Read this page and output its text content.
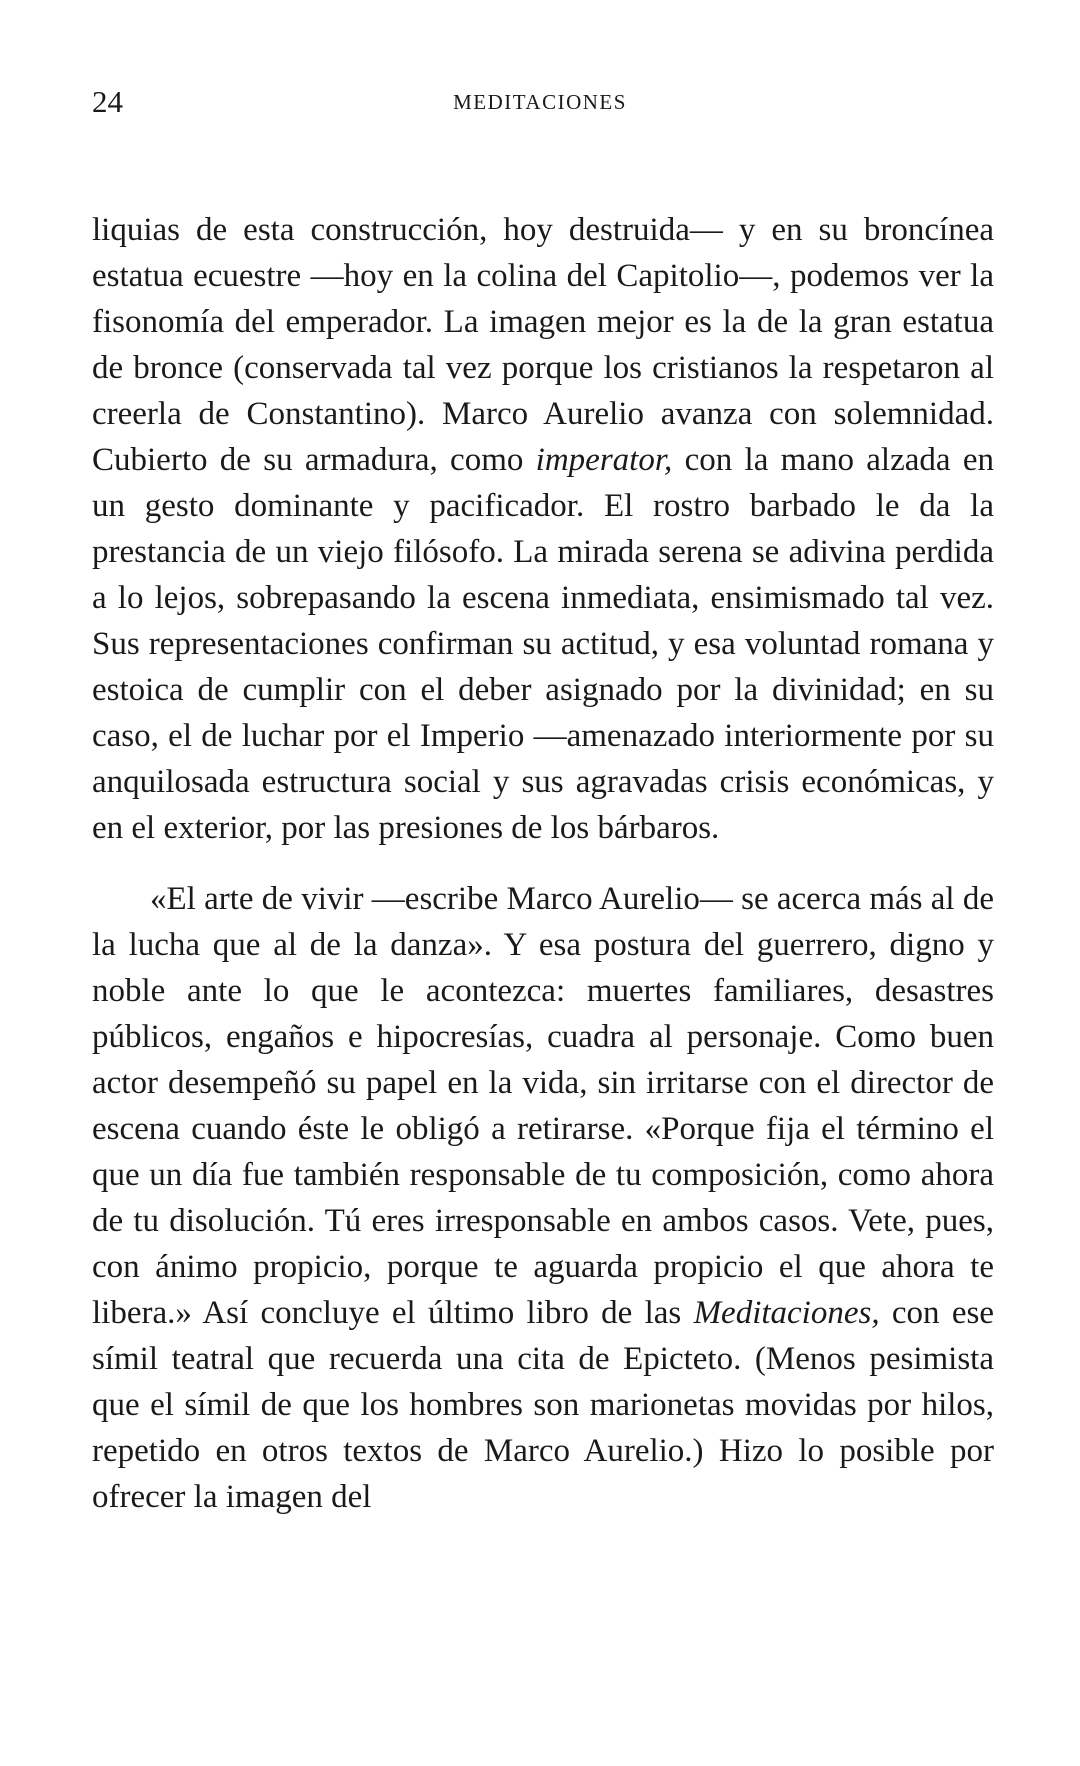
24	MEDITACIONES

liquias de esta construcción, hoy destruida— y en su broncínea estatua ecuestre —hoy en la colina del Capitolio—, podemos ver la fisonomía del emperador. La imagen mejor es la de la gran estatua de bronce (conservada tal vez porque los cristianos la respetaron al creerla de Constantino). Marco Aurelio avanza con solemnidad. Cubierto de su armadura, como imperator, con la mano alzada en un gesto dominante y pacificador. El rostro barbado le da la prestancia de un viejo filósofo. La mirada serena se adivina perdida a lo lejos, sobrepasando la escena inmediata, ensimismado tal vez. Sus representaciones confirman su actitud, y esa voluntad romana y estoica de cumplir con el deber asignado por la divinidad; en su caso, el de luchar por el Imperio —amenazado interiormente por su anquilosada estructura social y sus agravadas crisis económicas, y en el exterior, por las presiones de los bárbaros.

«El arte de vivir —escribe Marco Aurelio— se acerca más al de la lucha que al de la danza». Y esa postura del guerrero, digno y noble ante lo que le acontezca: muertes familiares, desastres públicos, engaños e hipocresías, cuadra al personaje. Como buen actor desempeñó su papel en la vida, sin irritarse con el director de escena cuando éste le obligó a retirarse. «Porque fija el término el que un día fue también responsable de tu composición, como ahora de tu disolución. Tú eres irresponsable en ambos casos. Vete, pues, con ánimo propicio, porque te aguarda propicio el que ahora te libera.» Así concluye el último libro de las Meditaciones, con ese símil teatral que recuerda una cita de Epicteto. (Menos pesimista que el símil de que los hombres son marionetas movidas por hilos, repetido en otros textos de Marco Aurelio.) Hizo lo posible por ofrecer la imagen del
